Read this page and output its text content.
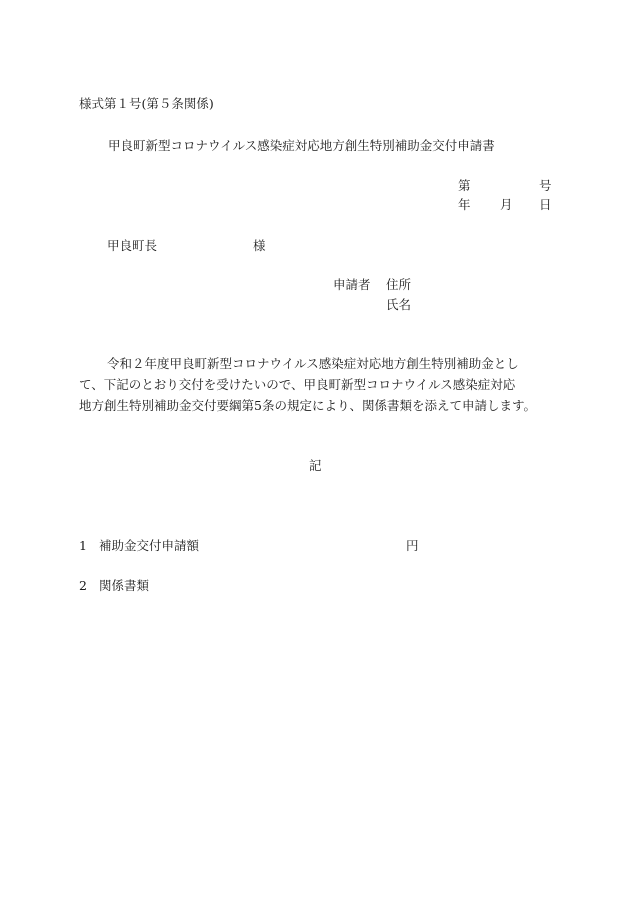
様式第１号(第５条関係)
甲良町新型コロナウイルス感染症対応地方創生特別補助金交付申請書
第	号
年 月 日
甲良町長	様
申請者 住所
氏名
令和２年度甲良町新型コロナウイルス感染症対応地方創生特別補助金とし
て、下記のとおり交付を受けたいので、甲良町新型コロナウイルス感染症対応
地方創生特別補助金交付要綱第5条の規定により、関係書類を添えて申請します。
記
1 補助金交付申請額	円
2 関係書類
